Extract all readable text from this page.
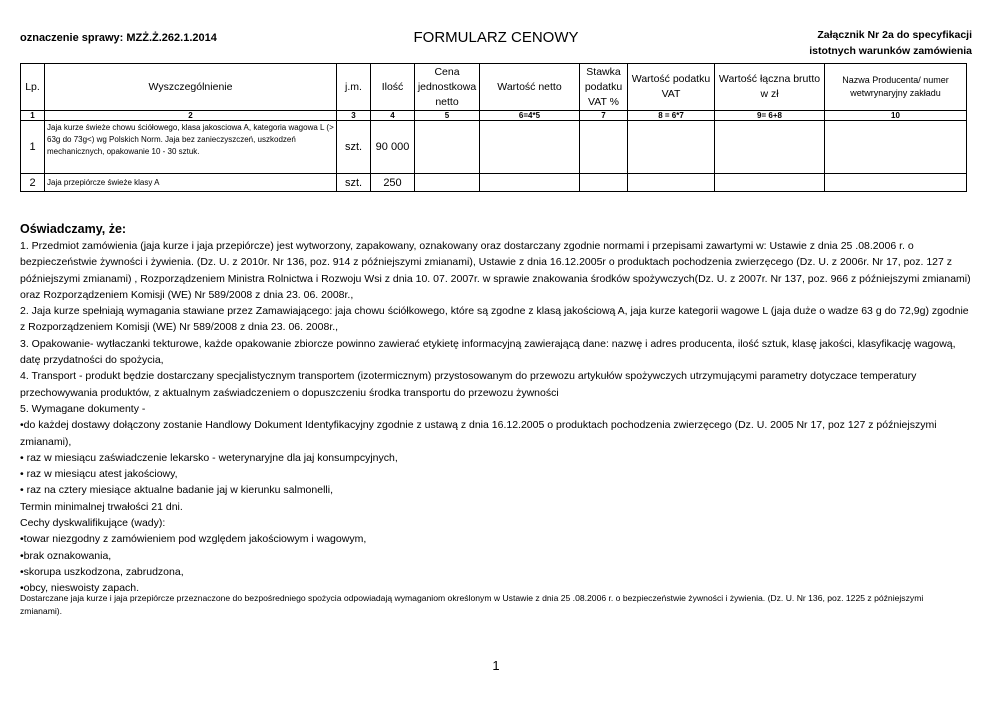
oznaczenie sprawy: MZŻ.Ż.262.1.2014	FORMULARZ CENOWY	Załącznik Nr 2a do specyfikacji
istotnych warunków zamówienia
Lp.	Wyszczególnienie	j.m.	Ilość	Cena jednostkowa netto	Wartość netto	Stawka podatku VAT %	Wartość podatku VAT	Wartość łączna brutto w zł	Nazwa Producenta/ numer wetwrynaryjny zakładu
1	2	3	4	5	6=4*5	7	8 = 6*7	9= 6+8	10
1	Jaja kurze świeże chowu ściółowego, klasa jakosciowa A, kategoria wagowa L (> 63g do 73g<) wg Polskich Norm. Jaja bez zanieczyszczeń, uszkodzeń mechanicznych, opakowanie 10 - 30 sztuk.	szt.	90 000						
2	Jaja przepiórcze świeże klasy A	szt.	250						
Oświadczamy, że:

1. Przedmiot zamówienia (jaja kurze i jaja przepiórcze) jest wytworzony, zapakowany, oznakowany oraz dostarczany zgodnie normami i przepisami zawartymi w: Ustawie z dnia 25 .08.2006 r. o bezpieczeństwie żywności i żywienia. (Dz. U. z 2010r. Nr 136, poz. 914 z późniejszymi zmianami), Ustawie z dnia 16.12.2005r o produktach pochodzenia zwierzęcego (Dz. U. z 2006r. Nr 17, poz. 127 z późniejszymi zmianami) , Rozporządzeniem Ministra Rolnictwa i Rozwoju Wsi z dnia 10. 07. 2007r. w sprawie znakowania środków spożywczych(Dz. U. z 2007r. Nr 137, poz. 966 z późniejszymi zmianami) oraz Rozporządzeniem Komisji (WE) Nr 589/2008 z dnia 23. 06. 2008r.,

2. Jaja kurze spełniają wymagania stawiane przez Zamawiającego: jaja chowu ściółkowego, które są zgodne z klasą jakościową A, jaja kurze kategorii wagowe L (jaja duże o wadze 63 g do 72,9g) zgodnie z Rozporządzeniem Komisji (WE) Nr 589/2008 z dnia 23. 06. 2008r.,

3. Opakowanie- wytłaczanki tekturowe, każde opakowanie zbiorcze powinno zawierać etykietę informacyjną zawierającą dane: nazwę i adres producenta, ilość sztuk, klasę jakości, klasyfikację wagową, datę przydatności do spożycia,

4. Transport - produkt będzie dostarczany specjalistycznym transportem (izotermicznym) przystosowanym do przewozu artykułów spożywczych utrzymującymi parametry dotyczace temperatury przechowywania produktów, z aktualnym zaświadczeniem o dopuszczeniu środka transportu do przewozu żywności

5. Wymagane dokumenty -

•do każdej dostawy dołączony zostanie Handlowy Dokument Identyfikacyjny zgodnie z ustawą z dnia 16.12.2005 o produktach pochodzenia zwierzęcego (Dz. U. 2005 Nr 17, poz 127 z późniejszymi zmianami),

• raz w miesiącu zaświadczenie lekarsko - weterynaryjne dla jaj konsumpcyjnych,

• raz w miesiącu atest jakościowy,

• raz na cztery miesiące aktualne badanie jaj w kierunku salmonelli,

Termin minimalnej trwałości 21 dni.

Cechy dyskwalifikujące (wady):

•towar niezgodny z zamówieniem pod względem jakościowym i wagowym,

•brak oznakowania,

•skorupa uszkodzona, zabrudzona,

•obcy, nieswoisty zapach.

Dostarczane jaja kurze i jaja przepiórcze przeznaczone do bezpośredniego spożycia odpowiadają wymaganiom określonym w Ustawie z dnia 25 .08.2006 r. o bezpieczeństwie żywności i żywienia. (Dz. U. Nr 136, poz. 1225 z późniejszymi zmianami).
1
